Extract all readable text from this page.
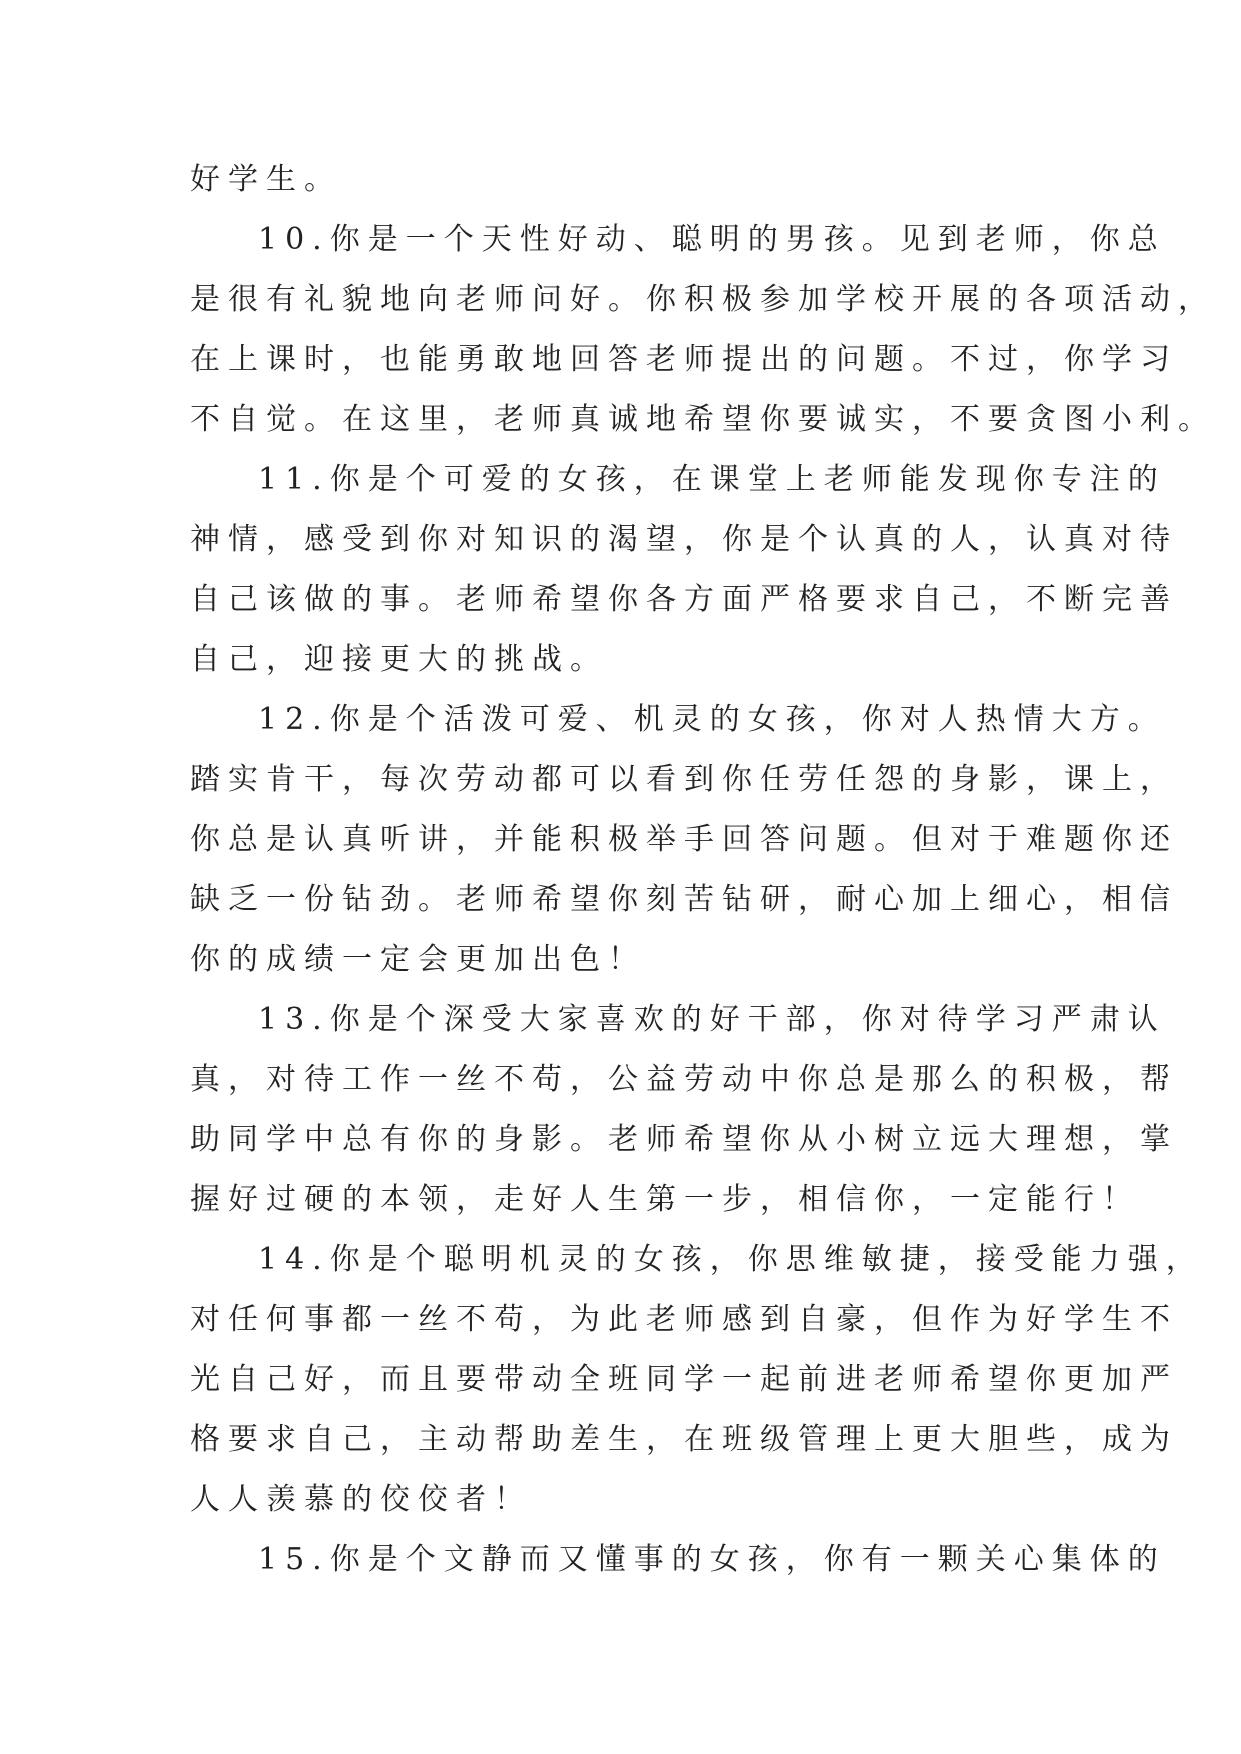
好学生。
10.你是一个天性好动、聪明的男孩。见到老师，你总
是很有礼貌地向老师问好。你积极参加学校开展的各项活动，
在上课时，也能勇敢地回答老师提出的问题。不过，你学习
不自觉。在这里，老师真诚地希望你要诚实，不要贪图小利。
11.你是个可爱的女孩，在课堂上老师能发现你专注的
神情，感受到你对知识的渴望，你是个认真的人，认真对待
自己该做的事。老师希望你各方面严格要求自己，不断完善
自己，迎接更大的挑战。
12.你是个活泼可爱、机灵的女孩，你对人热情大方。
踏实肯干，每次劳动都可以看到你任劳任怨的身影，课上，
你总是认真听讲，并能积极举手回答问题。但对于难题你还
缺乏一份钻劲。老师希望你刻苦钻研，耐心加上细心，相信
你的成绩一定会更加出色！
13.你是个深受大家喜欢的好干部，你对待学习严肃认
真，对待工作一丝不苟，公益劳动中你总是那么的积极，帮
助同学中总有你的身影。老师希望你从小树立远大理想，掌
握好过硬的本领，走好人生第一步，相信你，一定能行！
14.你是个聪明机灵的女孩，你思维敏捷，接受能力强，
对任何事都一丝不苟，为此老师感到自豪，但作为好学生不
光自己好，而且要带动全班同学一起前进老师希望你更加严
格要求自己，主动帮助差生，在班级管理上更大胆些，成为
人人羡慕的佼佼者！
15.你是个文静而又懂事的女孩，你有一颗关心集体的
